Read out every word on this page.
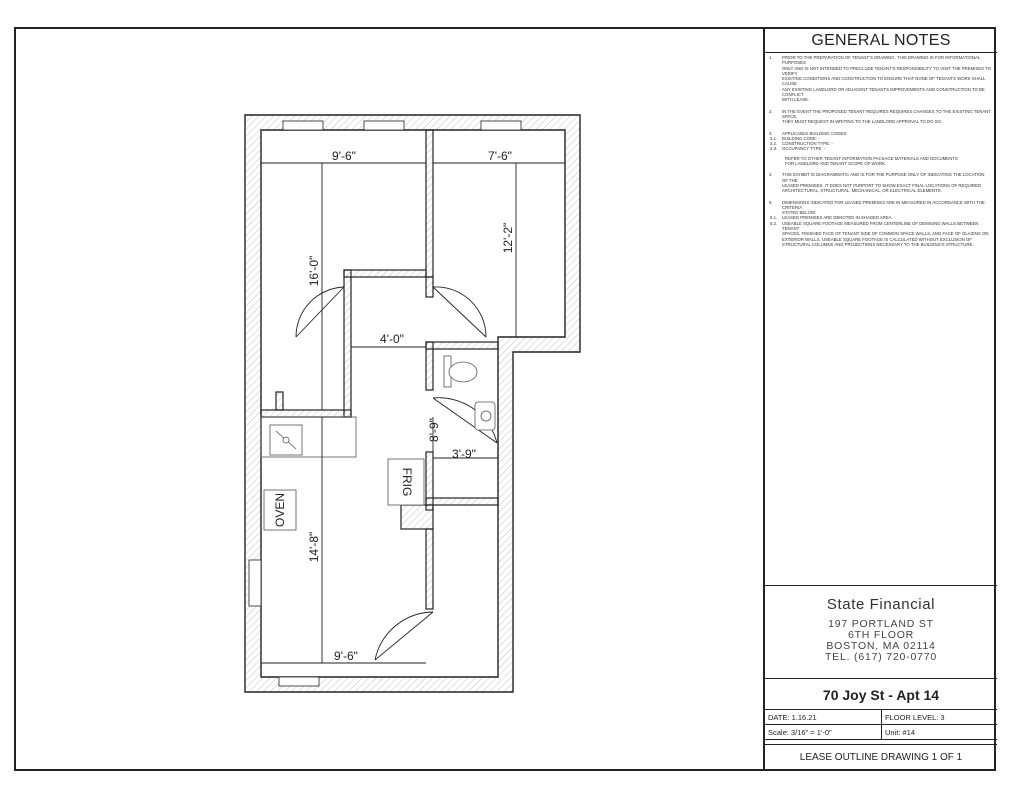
FRIG
OVEN
9'-6"	7'-6"
16'-0"
12'-2"
4'-0"
8'-9"
3'-9"
14'-8"
9'-6"
GENERAL NOTES
1.	PRIOR TO THE PREPARATION OF TENANT'S DRAWING. THIS DRAWING IS FOR INFORMATIONAL PURPOSES
ONLY AND IS NOT INTENDED TO PRECLUDE TENANT'S RESPONSIBILITY TO VISIT THE PREMISES TO VERIFY
EXISTING CONDITIONS AND CONSTRUCTION TO ENSURE THAT NONE OF TENANTS WORK SHALL CAUSE
ANY EXISTING LANDLORD OR ADJACENT TENANTS IMPROVEMENTS AND CONSTRUCTION TO BE CONFLICT
WITH LEASE.
2.	IN THE EVENT THE PROPOSED TENANT REQUIRES REQUIRES CHANGES TO THE EXISTING TENANT SPACE,
THEY MUST REQUEST IN WRITING TO THE LANDLORD APPROVAL TO DO SO.
3.	APPLICABLE BUILDING CODES:
3.1.	BUILDING CODE: -
3.2.	CONSTRUCTION TYPE: -
3.3.	OCCUPANCY TYPE: -
REFER TO OTHER TENANT INFORMATION PACKAGE MATERIALS AND DOCUMENTS
FOR LANDLORD AND TENANT SCOPE OF WORK.
4.	THIS EXHIBIT IS DIAGRAMMATIC AND IS FOR THE PURPOSE ONLY OF INDICATING THE LOCATION OF THE
LEASED PREMISES. IT DOES NOT PURPORT TO SHOW EXACT FINAL LOCATIONS OF REQUIRED
ARCHITECTURAL, STRUCTURAL, MECHANICAL, OR ELECTRICAL ELEMENTS.
5.	DIMENSIONS INDICATED FOR LEASED PREMISES ARE IN MEASURED IN ACCORDANCE WITH THE CRITERIA
STATED BELOW:
5.1.	LEASED PREMISES ARE DENOTED IN SHADED AREA
5.2.	USEABLE SQUARE FOOTAGE MEASURED FROM CENTERLINE OF DEMISING WALLS BETWEEN TENANT
SPACES, FINISHED FACE OF TENANT SIDE OF COMMON SPACE WALLS, AND FACE OF GLAZING ON
EXTERIOR WALLS. USEABLE SQUARE FOOTAGE IS CALCULATED WITHOUT EXCLUSION OF
STRUCTURAL COLUMNS AND PROJECTIONS NECESSARY TO THE BUILDING'S STRUCTURE.
State Financial
197 PORTLAND ST
6TH FLOOR
BOSTON, MA 02114
TEL. (617) 720-0770
70 Joy St - Apt 14
DATE: 1.16.21	FLOOR LEVEL: 3
Scale: 3/16" = 1'-0"	Unit: #14
LEASE OUTLINE DRAWING 1 OF 1
